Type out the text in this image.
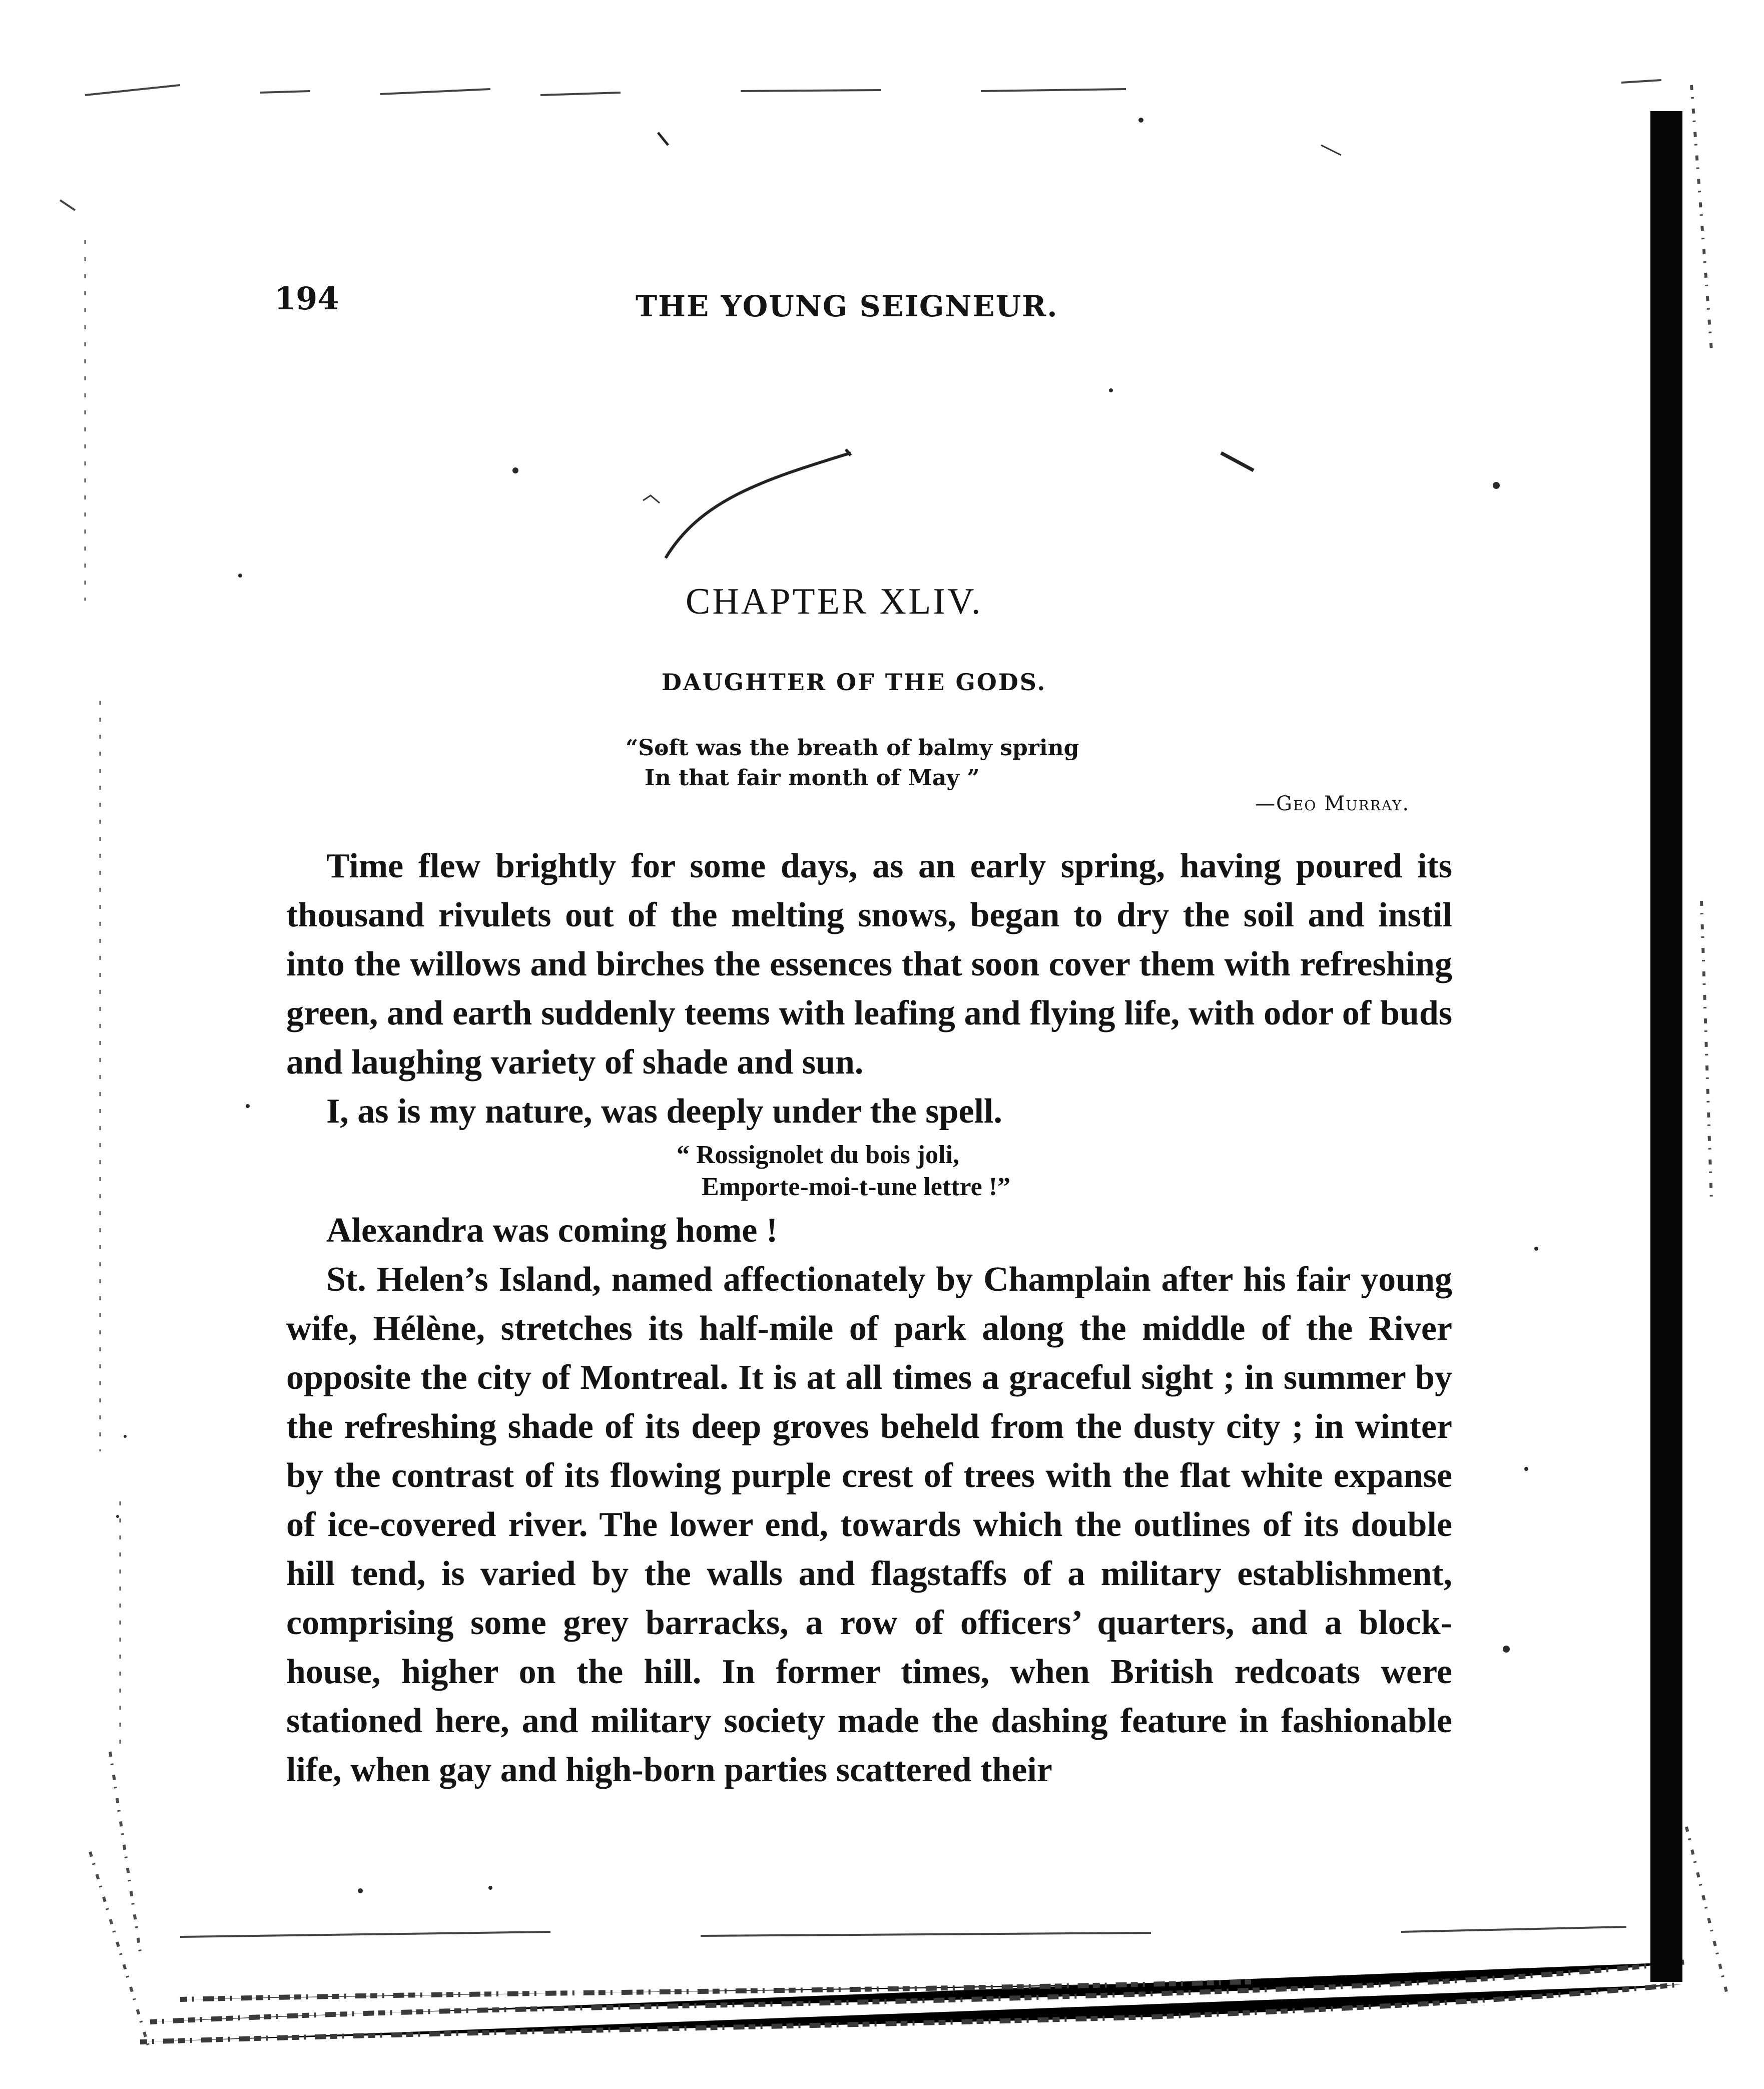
194	THE YOUNG SEIGNEUR.
CHAPTER XLIV.
DAUGHTER OF THE GODS.
“Soft was the breath of balmy spring
In that fair month of May ”
—Geo Murray.

Time flew brightly for some days, as an early spring, having poured its thousand rivulets out of the melting snows, began to dry the soil and instil into the willows and birches the essences that soon cover them with refreshing green, and earth suddenly teems with leafing and flying life, with odor of buds and laughing variety of shade and sun.

I, as is my nature, was deeply under the spell.

“ Rossignolet du bois joli,
Emporte-moi-t-une lettre !”

Alexandra was coming home !

St. Helen’s Island, named affectionately by Champlain after his fair young wife, Hélène, stretches its half-mile of park along the middle of the River opposite the city of Montreal. It is at all times a graceful sight ; in summer by the refreshing shade of its deep groves beheld from the dusty city ; in winter by the contrast of its flowing purple crest of trees with the flat white expanse of ice-covered river. The lower end, towards which the outlines of its double hill tend, is varied by the walls and flagstaffs of a military establishment, comprising some grey barracks, a row of officers’ quarters, and a block-house, higher on the hill. In former times, when British redcoats were stationed here, and military society made the dashing feature in fashionable life, when gay and high-born parties scattered their
